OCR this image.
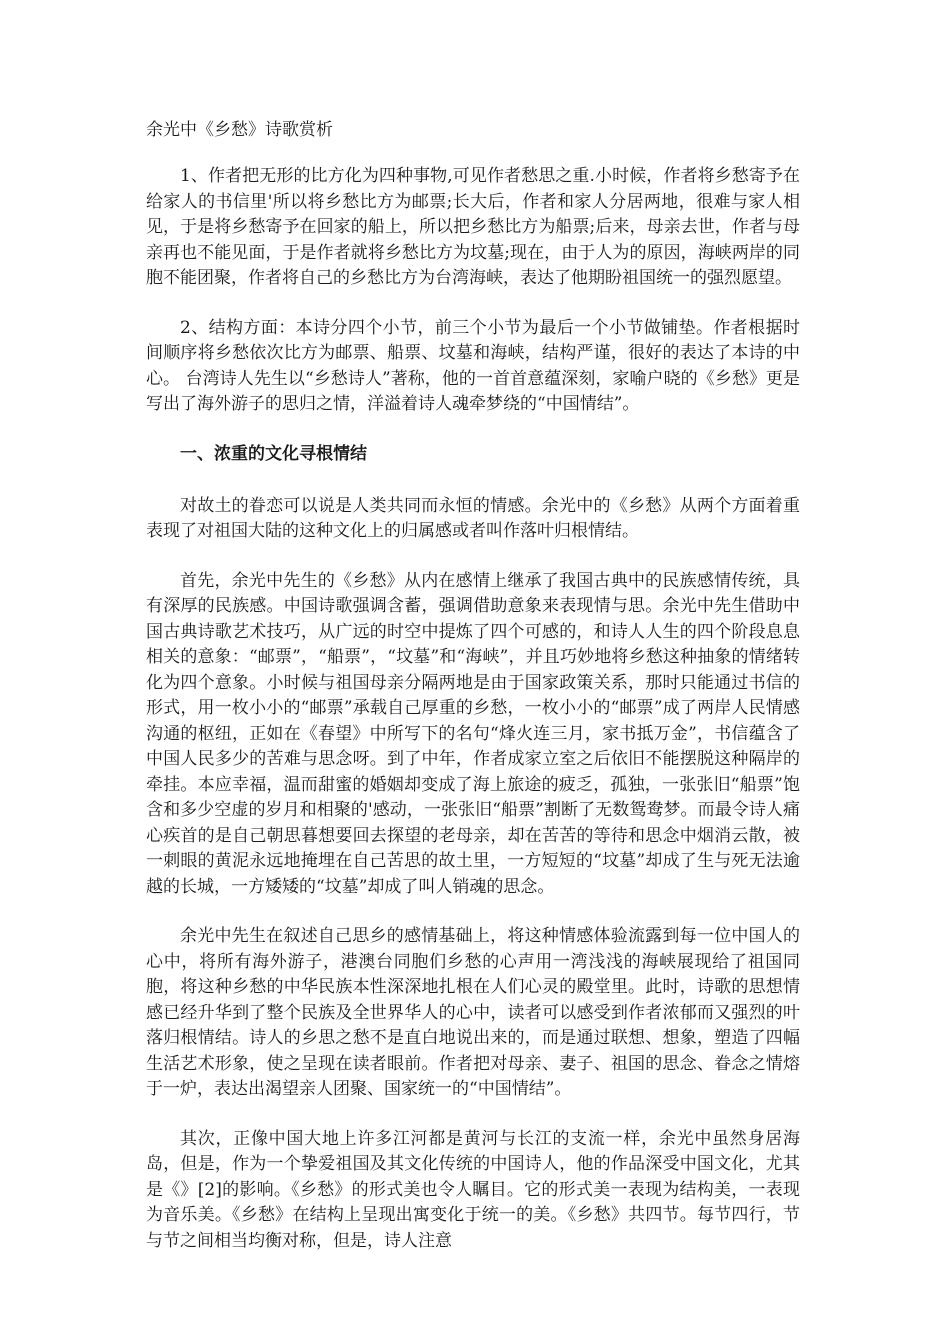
余光中《乡愁》诗歌赏析

1、作者把无形的比方化为四种事物,可见作者愁思之重.小时候，作者将乡愁寄予在给家人的书信里'所以将乡愁比方为邮票;长大后，作者和家人分居两地，很难与家人相见，于是将乡愁寄予在回家的船上，所以把乡愁比方为船票;后来，母亲去世，作者与母亲再也不能见面，于是作者就将乡愁比方为坟墓;现在，由于人为的原因，海峡两岸的同胞不能团聚，作者将自己的乡愁比方为台湾海峡，表达了他期盼祖国统一的强烈愿望。

2、结构方面：本诗分四个小节，前三个小节为最后一个小节做铺垫。作者根据时间顺序将乡愁依次比方为邮票、船票、坟墓和海峡，结构严谨，很好的表达了本诗的中心。 台湾诗人先生以“乡愁诗人”著称，他的一首首意蕴深刻，家喻户晓的《乡愁》更是写出了海外游子的思归之情，洋溢着诗人魂牵梦绕的“中国情结”。

一、浓重的文化寻根情结

对故土的眷恋可以说是人类共同而永恒的情感。余光中的《乡愁》从两个方面着重表现了对祖国大陆的这种文化上的归属感或者叫作落叶归根情结。

首先，余光中先生的《乡愁》从内在感情上继承了我国古典中的民族感情传统，具有深厚的民族感。中国诗歌强调含蓄，强调借助意象来表现情与思。余光中先生借助中国古典诗歌艺术技巧，从广远的时空中提炼了四个可感的，和诗人人生的四个阶段息息相关的意象：“邮票”，“船票”，“坟墓”和“海峡”，并且巧妙地将乡愁这种抽象的情绪转化为四个意象。小时候与祖国母亲分隔两地是由于国家政策关系，那时只能通过书信的形式，用一枚小小的“邮票”承载自己厚重的乡愁，一枚小小的“邮票”成了两岸人民情感沟通的枢纽，正如在《春望》中所写下的名句“烽火连三月，家书抵万金”，书信蕴含了中国人民多少的苦难与思念呀。到了中年，作者成家立室之后依旧不能摆脱这种隔岸的牵挂。本应幸福，温而甜蜜的婚姻却变成了海上旅途的疲乏，孤独，一张张旧“船票”饱含和多少空虚的岁月和相聚的'感动，一张张旧“船票”割断了无数鸳鸯梦。而最令诗人痛心疾首的是自己朝思暮想要回去探望的老母亲，却在苦苦的等待和思念中烟消云散，被一刺眼的黄泥永远地掩埋在自己苦思的故土里，一方短短的“坟墓”却成了生与死无法逾越的长城，一方矮矮的“坟墓”却成了叫人销魂的思念。

余光中先生在叙述自己思乡的感情基础上，将这种情感体验流露到每一位中国人的心中，将所有海外游子，港澳台同胞们乡愁的心声用一湾浅浅的海峡展现给了祖国同胞，将这种乡愁的中华民族本性深深地扎根在人们心灵的殿堂里。此时，诗歌的思想情感已经升华到了整个民族及全世界华人的心中，读者可以感受到作者浓郁而又强烈的叶落归根情结。诗人的乡思之愁不是直白地说出来的，而是通过联想、想象，塑造了四幅生活艺术形象，使之呈现在读者眼前。作者把对母亲、妻子、祖国的思念、眷念之情熔于一炉，表达出渴望亲人团聚、国家统一的“中国情结”。

其次，正像中国大地上许多江河都是黄河与长江的支流一样，余光中虽然身居海岛，但是，作为一个挚爱祖国及其文化传统的中国诗人，他的作品深受中国文化，尤其是《》[2]的影响。《乡愁》的形式美也令人瞩目。它的形式美一表现为结构美，一表现为音乐美。《乡愁》在结构上呈现出寓变化于统一的美。《乡愁》共四节。每节四行，节与节之间相当均衡对称，但是，诗人注意
